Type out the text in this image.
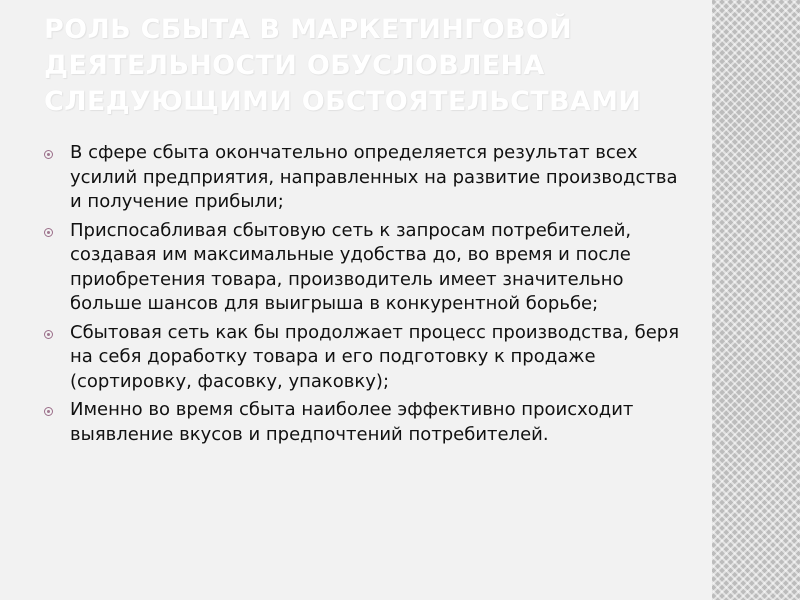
РОЛЬ СБЫТА В МАРКЕТИНГОВОЙ ДЕЯТЕЛЬНОСТИ ОБУСЛОВЛЕНА СЛЕДУЮЩИМИ ОБСТОЯТЕЛЬСТВАМИ
В сфере сбыта окончательно определяется результат всех усилий предприятия, направленных на развитие производства и получение прибыли;
Приспосабливая сбытовую сеть к запросам потребителей, создавая им максимальные удобства до, во время и после приобретения товара, производитель имеет значительно больше шансов для выигрыша в конкурентной борьбе;
Сбытовая сеть как бы продолжает процесс производства, беря на себя доработку товара и его подготовку к продаже (сортировку, фасовку, упаковку);
Именно во время сбыта наиболее эффективно происходит выявление вкусов и предпочтений потребителей.
